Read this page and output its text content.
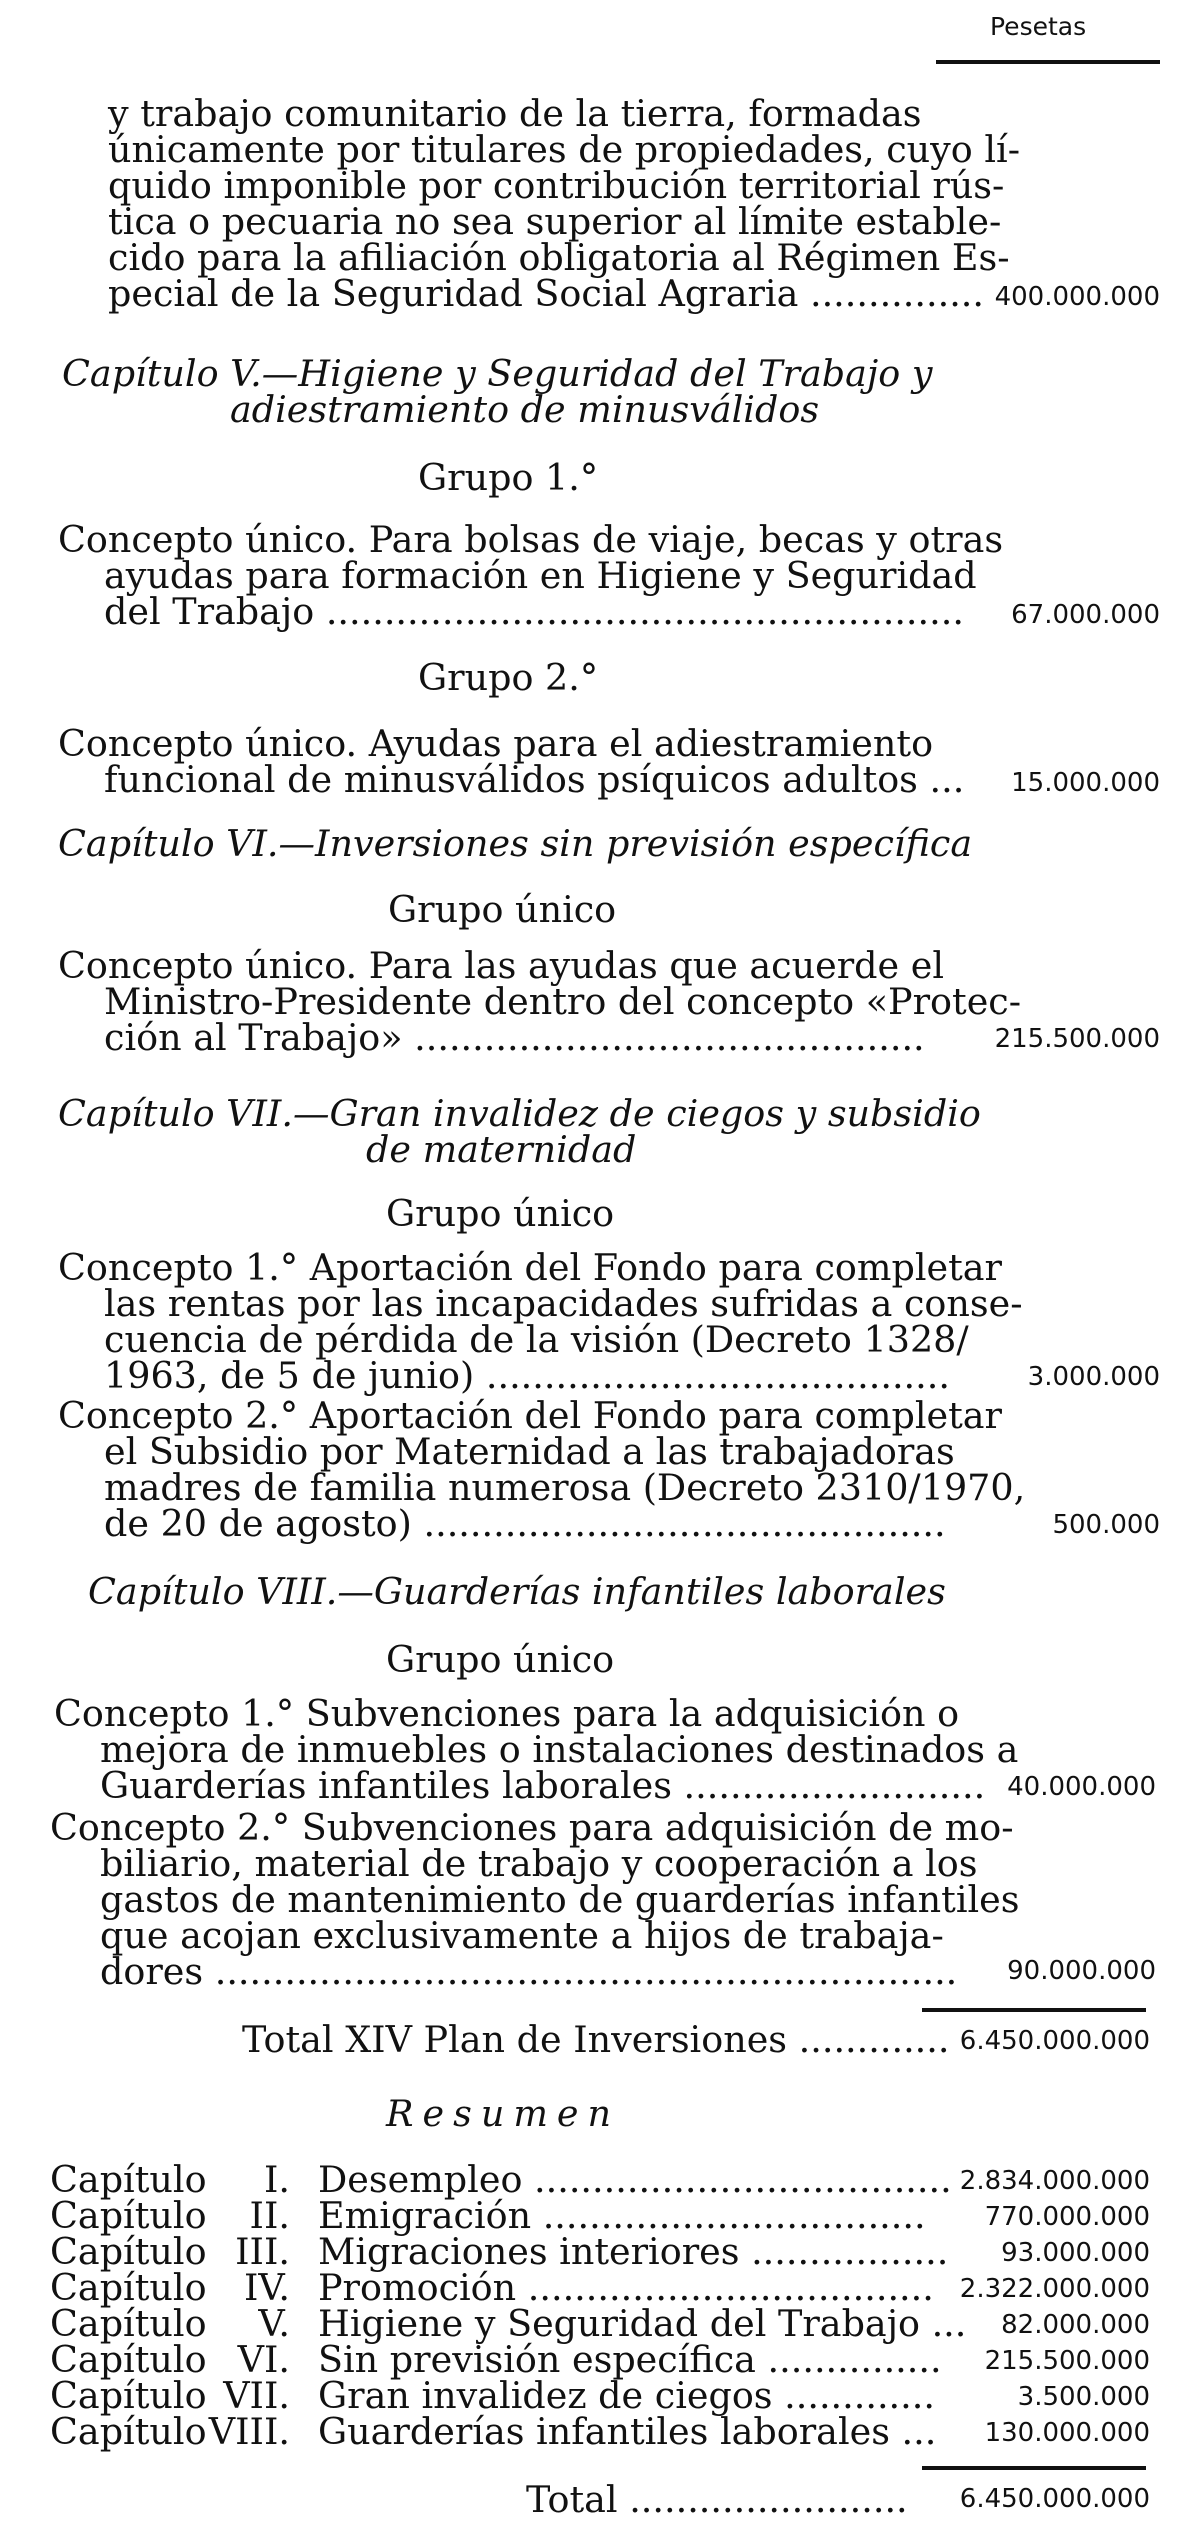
Pesetas
y trabajo comunitario de la tierra, formadas
únicamente por titulares de propiedades, cuyo lí-
quido imponible por contribución territorial rús-
tica o pecuaria no sea superior al límite estable-
cido para la afiliación obligatoria al Régimen Es-
pecial de la Seguridad Social Agraria ............... 400.000.000
Capítulo V.—Higiene y Seguridad del Trabajo y
adiestramiento de minusválidos
Grupo 1.°
Concepto único. Para bolsas de viaje, becas y otras
ayudas para formación en Higiene y Seguridad
del Trabajo .......................................................	67.000.000
Grupo 2.°
Concepto único. Ayudas para el adiestramiento
funcional de minusválidos psíquicos adultos ...	15.000.000
Capítulo VI.—Inversiones sin previsión específica
Grupo único
Concepto único. Para las ayudas que acuerde el
Ministro-Presidente dentro del concepto «Protec-
ción al Trabajo» ............................................	215.500.000
Capítulo VII.—Gran invalidez de ciegos y subsidio
de maternidad
Grupo único
Concepto 1.° Aportación del Fondo para completar
las rentas por las incapacidades sufridas a conse-
cuencia de pérdida de la visión (Decreto 1328/
1963, de 5 de junio) ........................................	3.000.000
Concepto 2.° Aportación del Fondo para completar
el Subsidio por Maternidad a las trabajadoras
madres de familia numerosa (Decreto 2310/1970,
de 20 de agosto) .............................................	500.000
Capítulo VIII.—Guarderías infantiles laborales
Grupo único
Concepto 1.° Subvenciones para la adquisición o
mejora de inmuebles o instalaciones destinados a
Guarderías infantiles laborales .......................... 40.000.000
Concepto 2.° Subvenciones para adquisición de mo-
biliario, material de trabajo y cooperación a los
gastos de mantenimiento de guarderías infantiles
que acojan exclusivamente a hijos de trabaja-
dores ................................................................	90.000.000
Total XIV Plan de Inversiones ............. 6.450.000.000
Resumen
Capítulo	I. Desempleo .................................... 2.834.000.000
Capítulo	II. Emigración .................................	770.000.000
Capítulo III. Migraciones interiores .................	93.000.000
Capítulo	IV. Promoción ................................... 2.322.000.000
Capítulo	V. Higiene y Seguridad del Trabajo ...	82.000.000
Capítulo VI. Sin previsión específica ...............	215.500.000
Capítulo VII. Gran invalidez de ciegos .............	3.500.000
Capítulo VIII. Guarderías infantiles laborales ...	130.000.000
Total ........................	6.450.000.000
